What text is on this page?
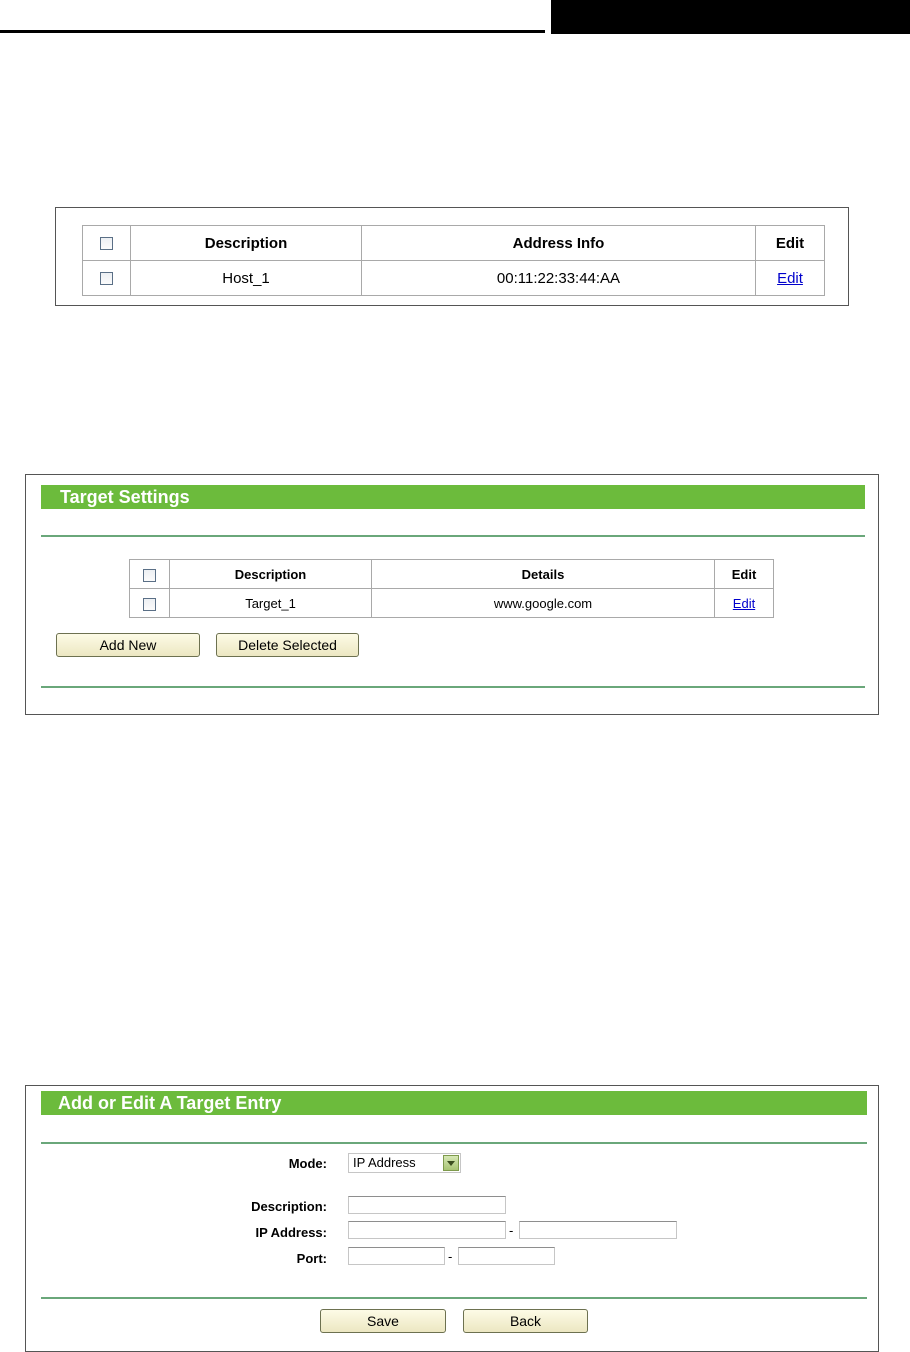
	Description	Address Info	Edit
	Host_1	00:11:22:33:44:AA	Edit
Target Settings
	Description	Details	Edit
	Target_1	www.google.com	Edit
Add New	Delete Selected
Add or Edit A Target Entry
Mode:	IP Address
Description:
IP Address:	-
Port:	-
Save	Back
